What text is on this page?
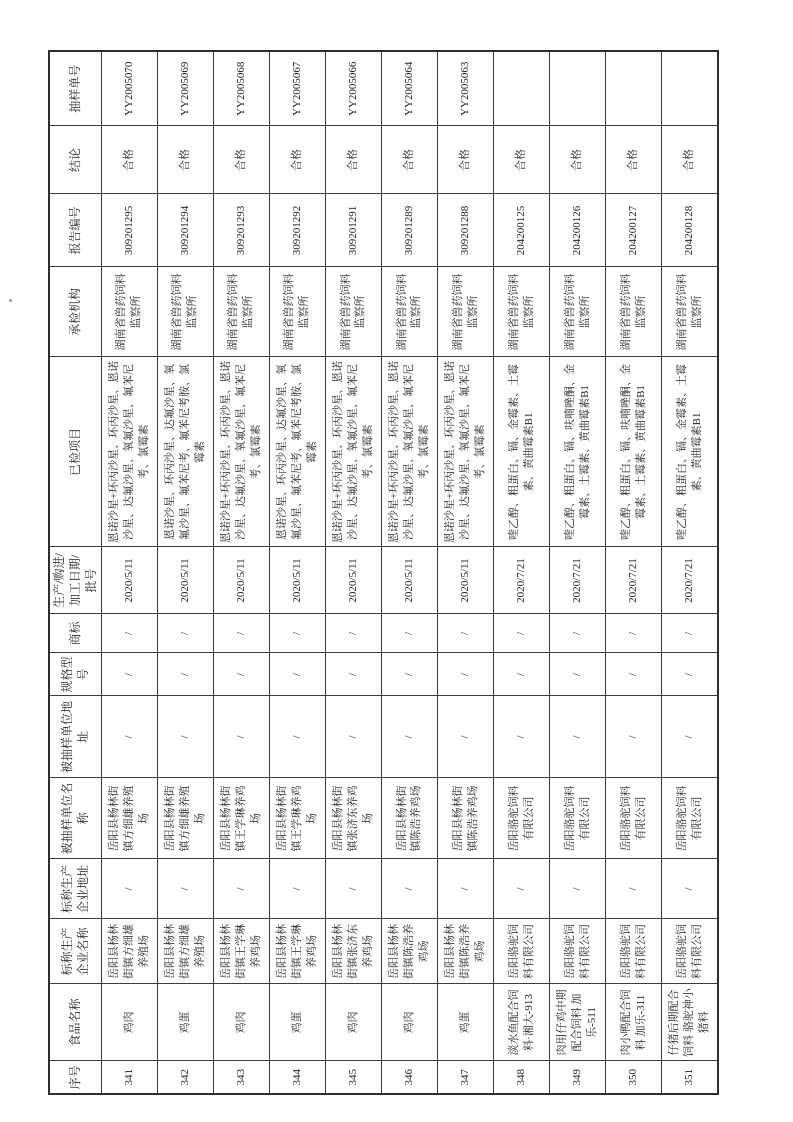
序号	食品名称	标称生产企业名称	标称生产企业地址	被抽样单位名称	被抽样单位地址	规格型号	商标	生产/购进/加工日期/批号	已检项目	承检机构	报告编号	结论	抽样单号
341	鸡肉	岳阳县杨林街镇方细雄养殖场	/	岳阳县杨林街镇方细雄养殖场	/	/	/	2020/5/11	恩诺沙星+环丙沙星、环丙沙星、恩诺沙星、达氟沙星、氧氟沙星、氟苯尼考、氯霉素	湖南省兽药饲料监察所	309201295	合格	YY2005070
342	鸡蛋	岳阳县杨林街镇方细雄养殖场	/	岳阳县杨林街镇方细雄养殖场	/	/	/	2020/5/11	恩诺沙星、环丙沙星、达氟沙星、氧氟沙星、氟苯尼考、氟苯尼考胺、氯霉素	湖南省兽药饲料监察所	309201294	合格	YY2005069
343	鸡肉	岳阳县杨林街镇王学琳养鸡场	/	岳阳县杨林街镇王学琳养鸡场	/	/	/	2020/5/11	恩诺沙星+环丙沙星、环丙沙星、恩诺沙星、达氟沙星、氧氟沙星、氟苯尼考、氯霉素	湖南省兽药饲料监察所	309201293	合格	YY2005068
344	鸡蛋	岳阳县杨林街镇王学琳养鸡场	/	岳阳县杨林街镇王学琳养鸡场	/	/	/	2020/5/11	恩诺沙星、环丙沙星、达氟沙星、氧氟沙星、氟苯尼考、氟苯尼考胺、氯霉素	湖南省兽药饲料监察所	309201292	合格	YY2005067
345	鸡肉	岳阳县杨林街镇张济东养鸡场	/	岳阳县杨林街镇张济东养鸡场	/	/	/	2020/5/11	恩诺沙星+环丙沙星、环丙沙星、恩诺沙星、达氟沙星、氧氟沙星、氟苯尼考、氯霉素	湖南省兽药饲料监察所	309201291	合格	YY2005066
346	鸡肉	岳阳县杨林街镇陈浩养鸡场	/	岳阳县杨林街镇陈浩养鸡场	/	/	/	2020/5/11	恩诺沙星+环丙沙星、环丙沙星、恩诺沙星、达氟沙星、氧氟沙星、氟苯尼考、氯霉素	湖南省兽药饲料监察所	309201289	合格	YY2005064
347	鸡蛋	岳阳县杨林街镇陈浩养鸡场	/	岳阳县杨林街镇陈浩养鸡场	/	/	/	2020/5/11	恩诺沙星+环丙沙星、环丙沙星、恩诺沙星、达氟沙星、氧氟沙星、氟苯尼考、氯霉素	湖南省兽药饲料监察所	309201288	合格	YY2005063
348	淡水鱼配合饲料·湘大-913	岳阳骆驼饲料有限公司	/	岳阳骆驼饲料有限公司	/	/	/	2020/7/21	喹乙醇、粗蛋白、镉、金霉素、土霉素、黄曲霉素B1	湖南省兽药饲料监察所	204200125	合格	
349	肉用仔鸡中期配合饲料 加乐-511	岳阳骆驼饲料有限公司	/	岳阳骆驼饲料有限公司	/	/	/	2020/7/21	喹乙醇、粗蛋白、镉、呋喃唑酮、金霉素、土霉素、黄曲霉素B1	湖南省兽药饲料监察所	204200126	合格	
350	肉小鸭配合饲料 加乐-311	岳阳骆驼饲料有限公司	/	岳阳骆驼饲料有限公司	/	/	/	2020/7/21	喹乙醇、粗蛋白、镉、呋喃唑酮、金霉素、土霉素、黄曲霉素B1	湖南省兽药饲料监察所	204200127	合格	
351	仔猪后期配合饲料 骆驼神小猪料	岳阳骆驼饲料有限公司	/	岳阳骆驼饲料有限公司	/	/	/	2020/7/21	喹乙醇、粗蛋白、镉、金霉素、土霉素、黄曲霉素B1	湖南省兽药饲料监察所	204200128	合格	
